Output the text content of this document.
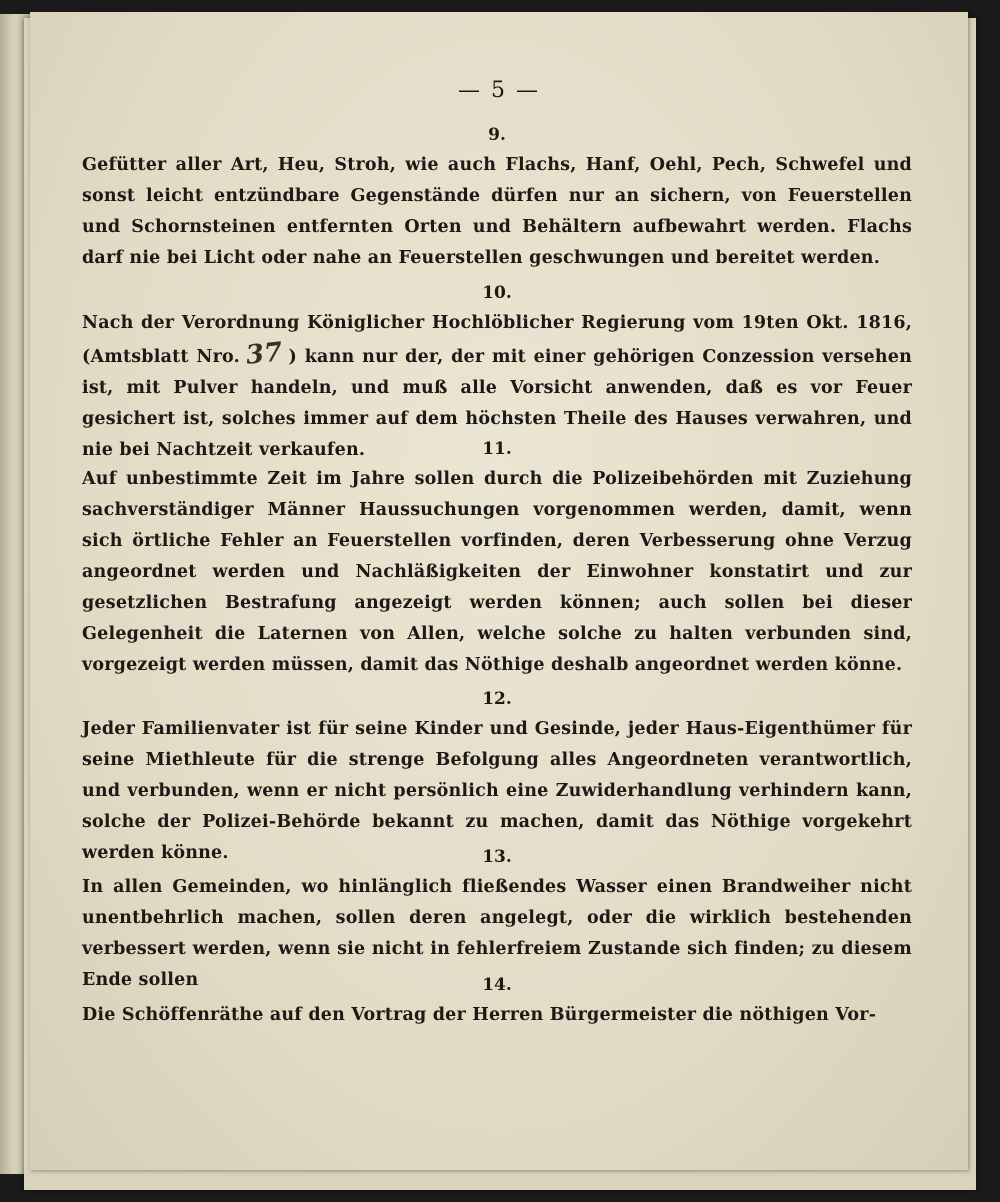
— 5 —

9.

Gefütter aller Art, Heu, Stroh, wie auch Flachs, Hanf, Oehl, Pech, Schwefel und sonst leicht entzündbare Gegenstände dürfen nur an sichern, von Feuerstellen und Schornsteinen entfernten Orten und Behältern aufbewahrt werden. Flachs darf nie bei Licht oder nahe an Feuerstellen geschwungen und bereitet werden.

10.

Nach der Verordnung Königlicher Hochlöblicher Regierung vom 19ten Okt. 1816, (Amtsblatt Nro. 37 ) kann nur der, der mit einer gehörigen Conzession versehen ist, mit Pulver handeln, und muß alle Vorsicht anwenden, daß es vor Feuer gesichert ist, solches immer auf dem höchsten Theile des Hauses verwahren, und nie bei Nachtzeit verkaufen.	11.

Auf unbestimmte Zeit im Jahre sollen durch die Polizeibehörden mit Zuziehung sachverständiger Männer Haussuchungen vorgenommen werden, damit, wenn sich örtliche Fehler an Feuerstellen vorfinden, deren Verbesserung ohne Verzug angeordnet werden und Nachläßigkeiten der Einwohner konstatirt und zur gesetzlichen Bestrafung angezeigt werden können; auch sollen bei dieser Gelegenheit die Laternen von Allen, welche solche zu halten verbunden sind, vorgezeigt werden müssen, damit das Nöthige deshalb angeordnet werden könne.

12.

Jeder Familienvater ist für seine Kinder und Gesinde, jeder Haus-Eigenthümer für seine Miethleute für die strenge Befolgung alles Angeordneten verantwortlich, und verbunden, wenn er nicht persönlich eine Zuwiderhandlung verhindern kann, solche der Polizei-Behörde bekannt zu machen, damit das Nöthige vorgekehrt werden könne.	13.

In allen Gemeinden, wo hinlänglich fließendes Wasser einen Brandweiher nicht unentbehrlich machen, sollen deren angelegt, oder die wirklich bestehenden verbessert werden, wenn sie nicht in fehlerfreiem Zustande sich finden; zu diesem Ende sollen	14.

Die Schöffenräthe auf den Vortrag der Herren Bürgermeister die nöthigen Vor-
